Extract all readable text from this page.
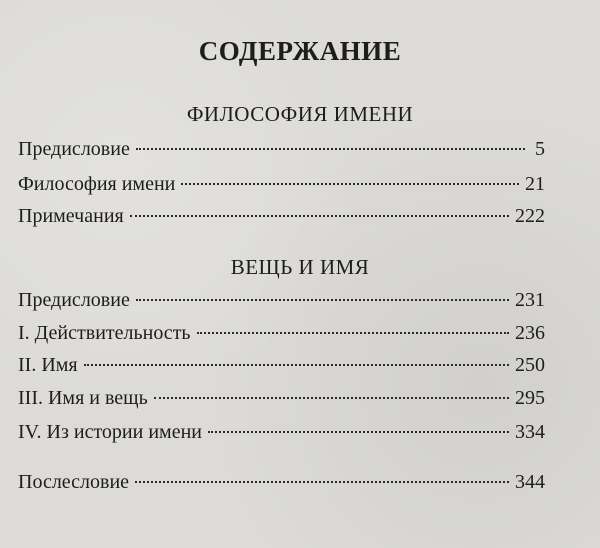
СОДЕРЖАНИЕ
ФИЛОСОФИЯ ИМЕНИ
Предисловие	5
Философия имени	21
Примечания	222
ВЕЩЬ И ИМЯ
Предисловие	231
I. Действительность	236
II. Имя	250
III. Имя и вещь	295
IV. Из истории имени	334
Послесловие	344
